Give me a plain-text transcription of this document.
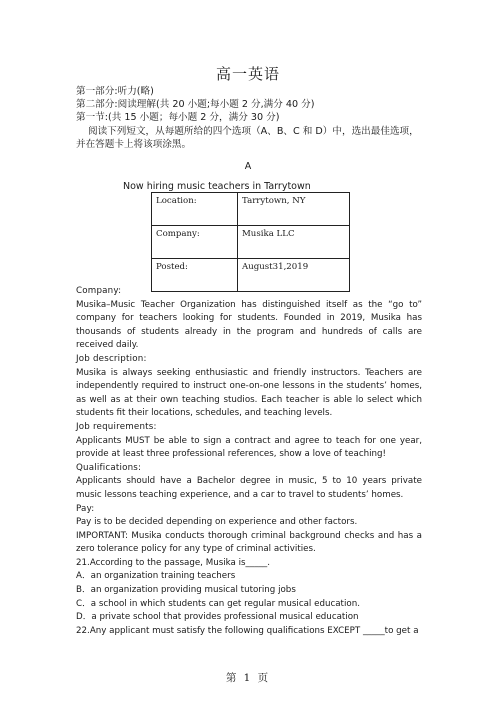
高一英语
第一部分:听力(略)
第二部分:阅读理解(共 20 小题;每小题 2 分,满分 40 分)
第一节:(共 15 小题；每小题 2 分，满分 30 分)

阅读下列短文，从每题所给的四个选项（A、B、C 和 D）中，选出最佳选项，

并在答题卡上将该项涂黑。

A
Now hiring music teachers in Tarrytown
Location:	Tarrytown, NY
Company:	Musika LLC
Posted:	August31,2019

Company:

Musika–Music Teacher Organization has distinguished itself as the “go to” company for teachers looking for students. Founded in 2019, Musika has thousands of students already in the program and hundreds of calls are received daily.

Job description:

Musika is always seeking enthusiastic and friendly instructors. Teachers are independently required to instruct one-on-one lessons in the students’ homes, as well as at their own teaching studios. Each teacher is able lo select which students fit their locations, schedules, and teaching levels.

Job requirements:

Applicants MUST be able to sign a contract and agree to teach for one year, provide at least three professional references, show a love of teaching!

Qualifications:

Applicants should have a Bachelor degree in music, 5 to 10 years private music lessons teaching experience, and a car to travel to students’ homes.

Pay:

Pay is to be decided depending on experience and other factors.

IMPORTANT: Musika conducts thorough criminal background checks and has a zero tolerance policy for any type of criminal activities.

21.According to the passage, Musika is_____.

A．an organization training teachers

B．an organization providing musical tutoring jobs

C．a school in which students can get regular musical education.

D．a private school that provides professional musical education

22.Any applicant must satisfy the following qualifications EXCEPT _____to get a

第 1 页
